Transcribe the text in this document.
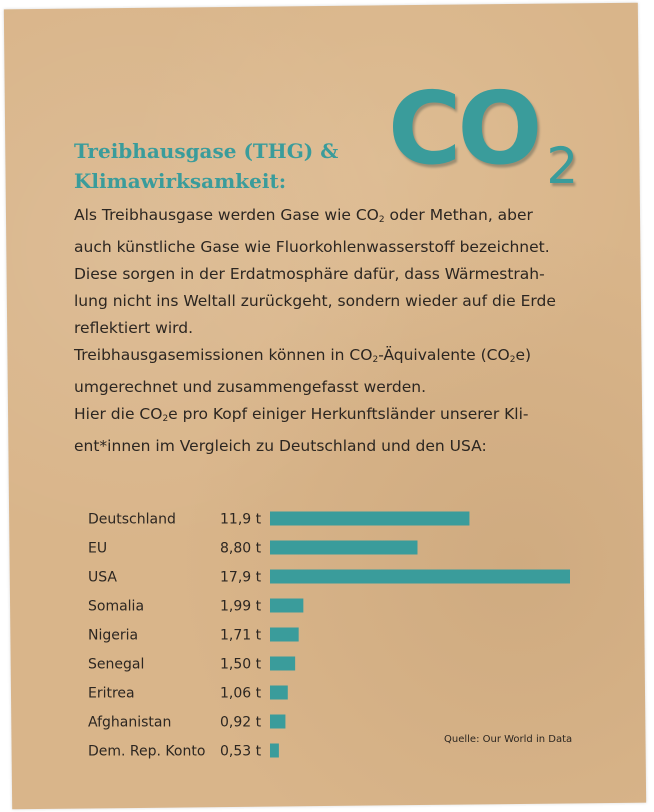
CO 2
Treibhausgase (THG) &
Klimawirksamkeit:

Als Treibhausgase werden Gase wie $CO_2$ oder Methan, aber

auch künstliche Gase wie Fluorkohlenwasserstoff bezeichnet.

Diese sorgen in der Erdatmosphäre dafür, dass Wärmestrah-

lung nicht ins Weltall zurückgeht, sondern wieder auf die Erde

reflektiert wird.

Treibhausgasemissionen können in $CO_2$-Äquivalente $(CO_2e)$

umgerechnet und zusammengefasst werden.

Hier die $CO_2e$ pro Kopf einiger Herkunftsländer unserer Kli-

ent*innen im Vergleich zu Deutschland und den USA:

Deutschland	11,9 t
EU	8,80 t
USA	17,9 t
Somalia	1,99 t
Nigeria	1,71 t
Senegal	1,50 t
Eritrea	1,06 t
Afghanistan	0,92 t
Dem. Rep. Konto 0,53 t
Quelle: Our World in Data
